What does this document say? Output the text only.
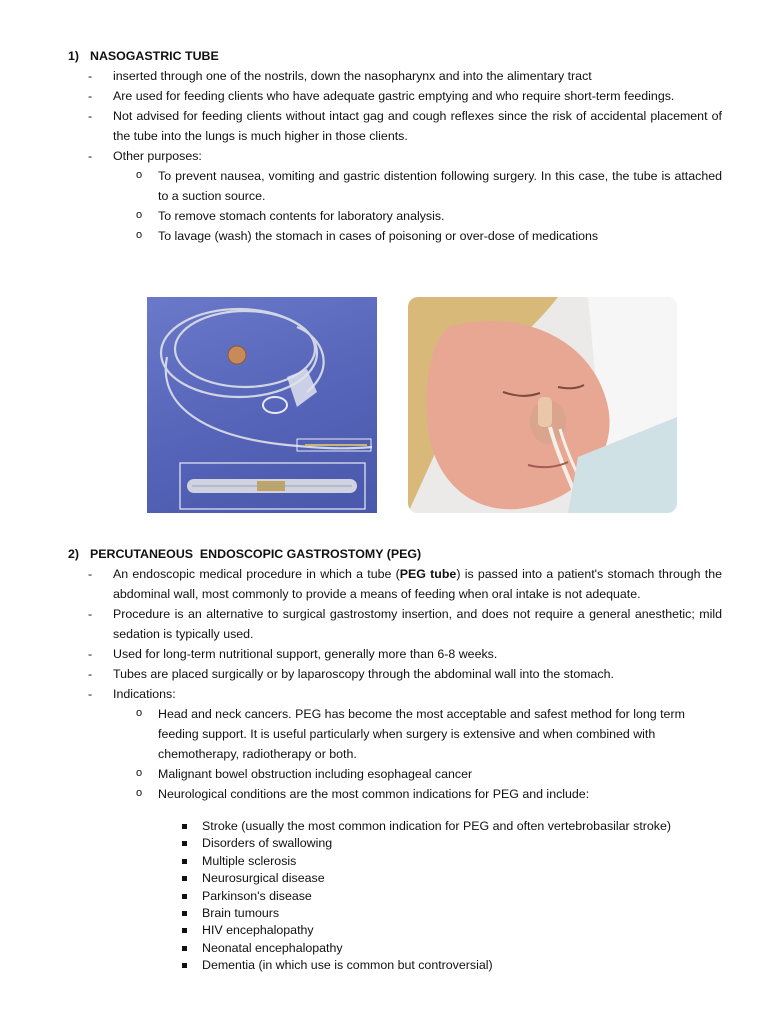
1) NASOGASTRIC TUBE
- inserted through one of the nostrils, down the nasopharynx and into the alimentary tract
- Are used for feeding clients who have adequate gastric emptying and who require short-term feedings.
- Not advised for feeding clients without intact gag and cough reflexes since the risk of accidental placement of the tube into the lungs is much higher in those clients.
- Other purposes:
o To prevent nausea, vomiting and gastric distention following surgery. In this case, the tube is attached to a suction source.
o To remove stomach contents for laboratory analysis.
o To lavage (wash) the stomach in cases of poisoning or over-dose of medications
2) PERCUTANEOUS  ENDOSCOPIC GASTROSTOMY (PEG)
- An endoscopic medical procedure in which a tube (PEG tube) is passed into a patient's stomach through the abdominal wall, most commonly to provide a means of feeding when oral intake is not adequate.
- Procedure is an alternative to surgical gastrostomy insertion, and does not require a general anesthetic; mild sedation is typically used.
- Used for long-term nutritional support, generally more than 6-8 weeks.
- Tubes are placed surgically or by laparoscopy through the abdominal wall into the stomach.
- Indications:
o Head and neck cancers. PEG has become the most acceptable and safest method for long term feeding support. It is useful particularly when surgery is extensive and when combined with chemotherapy, radiotherapy or both.
o Malignant bowel obstruction including esophageal cancer
o Neurological conditions are the most common indications for PEG and include:
Stroke (usually the most common indication for PEG and often vertebrobasilar stroke)
Disorders of swallowing
Multiple sclerosis
Neurosurgical disease
Parkinson's disease
Brain tumours
HIV encephalopathy
Neonatal encephalopathy
Dementia (in which use is common but controversial)
